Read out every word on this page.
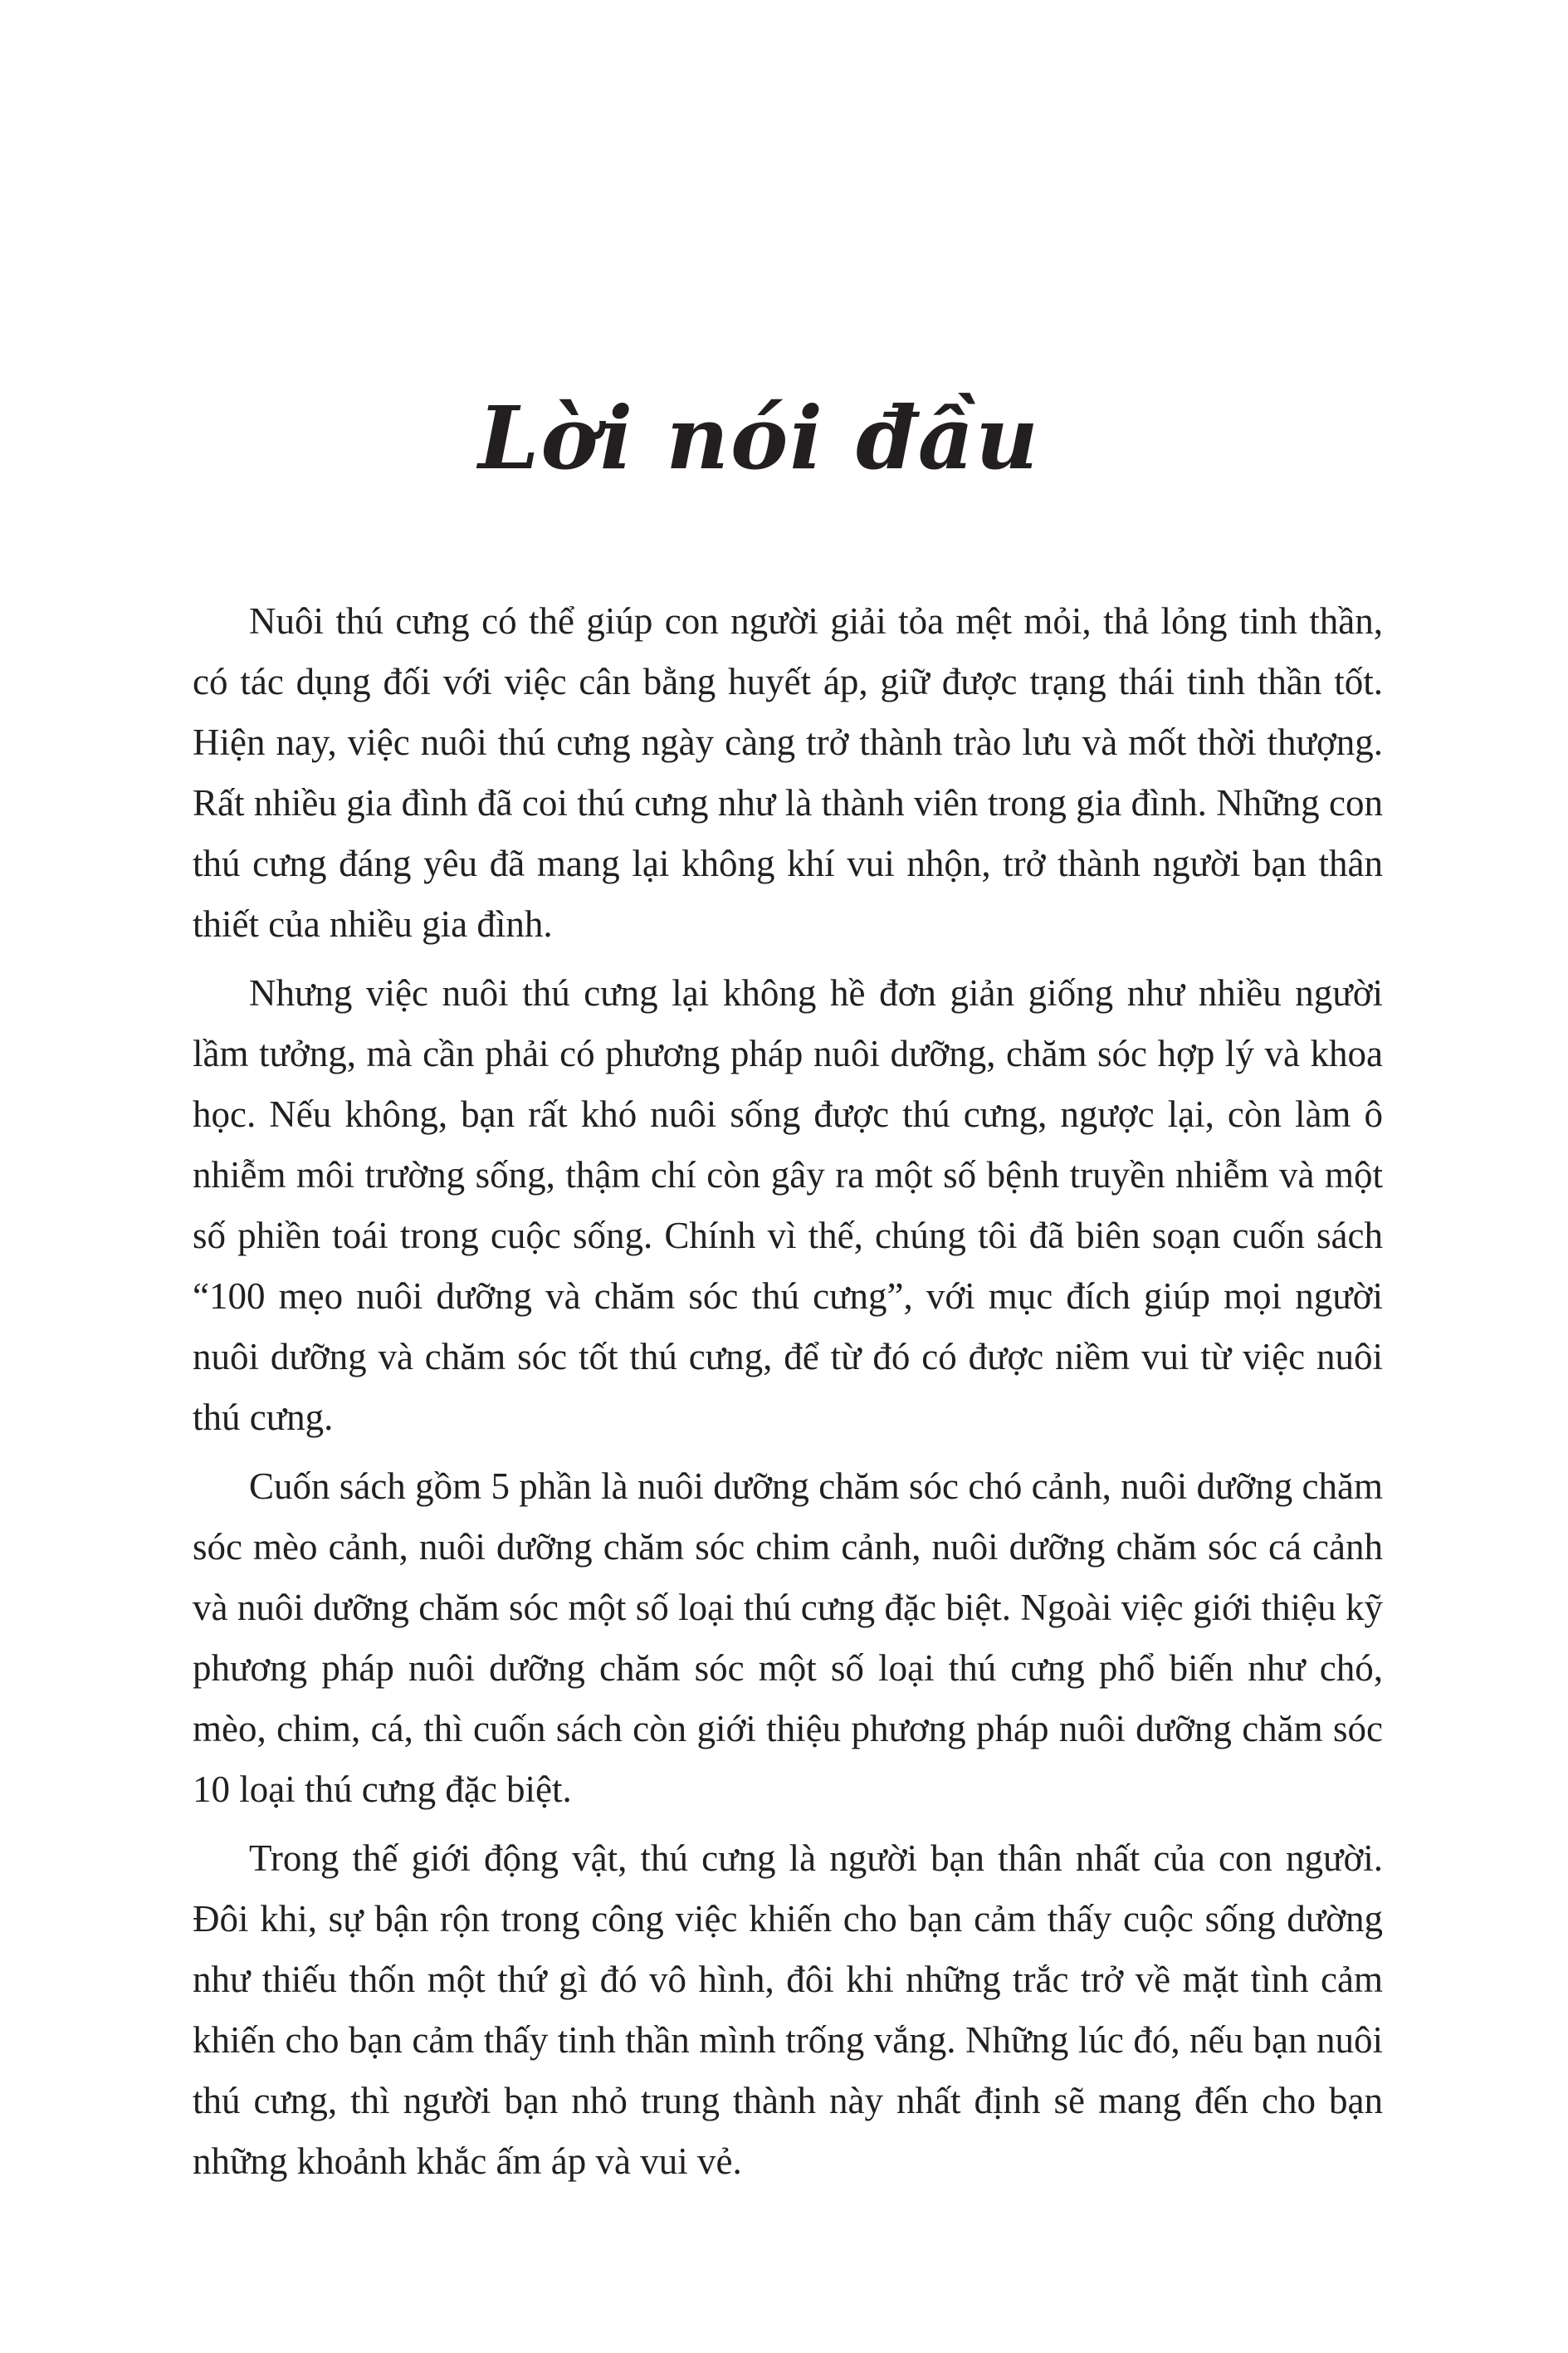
Lời nói đầu

Nuôi thú cưng có thể giúp con người giải tỏa mệt mỏi, thả lỏng tinh thần, có tác dụng đối với việc cân bằng huyết áp, giữ được trạng thái tinh thần tốt. Hiện nay, việc nuôi thú cưng ngày càng trở thành trào lưu và mốt thời thượng. Rất nhiều gia đình đã coi thú cưng như là thành viên trong gia đình. Những con thú cưng đáng yêu đã mang lại không khí vui nhộn, trở thành người bạn thân thiết của nhiều gia đình.

Nhưng việc nuôi thú cưng lại không hề đơn giản giống như nhiều người lầm tưởng, mà cần phải có phương pháp nuôi dưỡng, chăm sóc hợp lý và khoa học. Nếu không, bạn rất khó nuôi sống được thú cưng, ngược lại, còn làm ô nhiễm môi trường sống, thậm chí còn gây ra một số bệnh truyền nhiễm và một số phiền toái trong cuộc sống. Chính vì thế, chúng tôi đã biên soạn cuốn sách “100 mẹo nuôi dưỡng và chăm sóc thú cưng”, với mục đích giúp mọi người nuôi dưỡng và chăm sóc tốt thú cưng, để từ đó có được niềm vui từ việc nuôi thú cưng.

Cuốn sách gồm 5 phần là nuôi dưỡng chăm sóc chó cảnh, nuôi dưỡng chăm sóc mèo cảnh, nuôi dưỡng chăm sóc chim cảnh, nuôi dưỡng chăm sóc cá cảnh và nuôi dưỡng chăm sóc một số loại thú cưng đặc biệt. Ngoài việc giới thiệu kỹ phương pháp nuôi dưỡng chăm sóc một số loại thú cưng phổ biến như chó, mèo, chim, cá, thì cuốn sách còn giới thiệu phương pháp nuôi dưỡng chăm sóc 10 loại thú cưng đặc biệt.

Trong thế giới động vật, thú cưng là người bạn thân nhất của con người. Đôi khi, sự bận rộn trong công việc khiến cho bạn cảm thấy cuộc sống dường như thiếu thốn một thứ gì đó vô hình, đôi khi những trắc trở về mặt tình cảm khiến cho bạn cảm thấy tinh thần mình trống vắng. Những lúc đó, nếu bạn nuôi thú cưng, thì người bạn nhỏ trung thành này nhất định sẽ mang đến cho bạn những khoảnh khắc ấm áp và vui vẻ.
